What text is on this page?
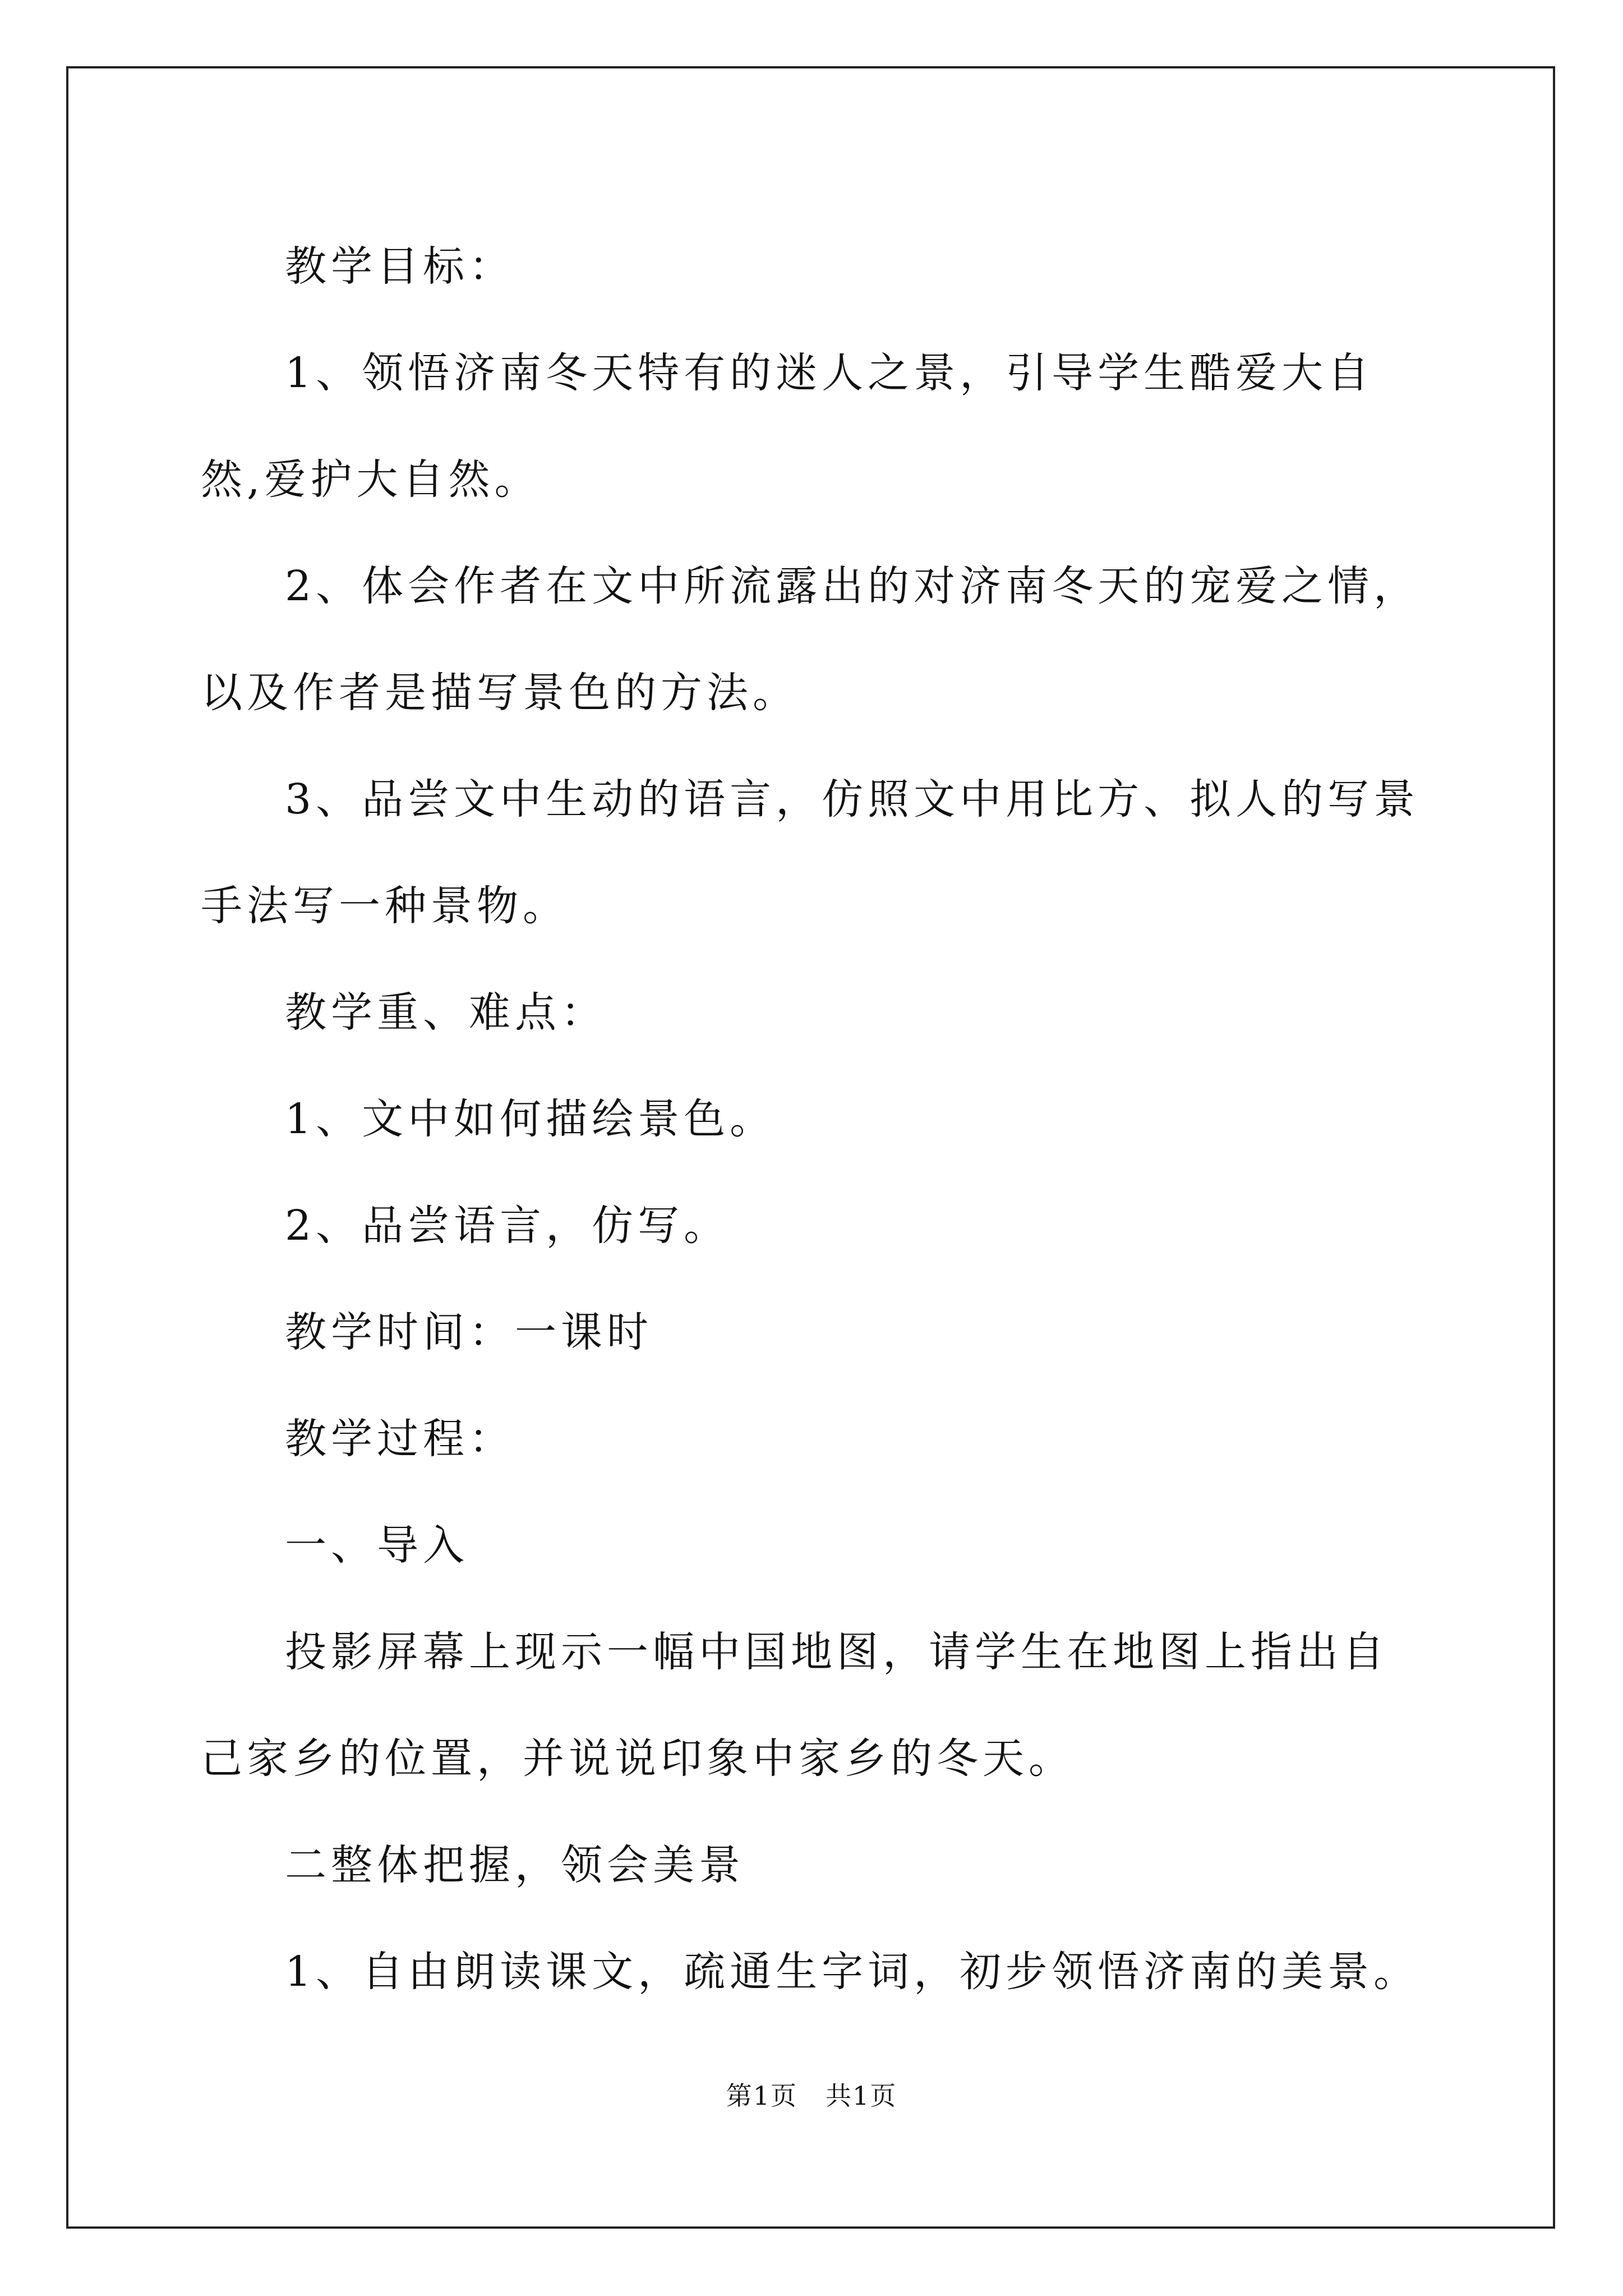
教学目标：

1、领悟济南冬天特有的迷人之景，引导学生酷爱大自然,爱护大自然。

2、体会作者在文中所流露出的对济南冬天的宠爱之情，以及作者是描写景色的方法。

3、品尝文中生动的语言，仿照文中用比方、拟人的写景手法写一种景物。

教学重、难点：

1、文中如何描绘景色。

2、品尝语言，仿写。

教学时间：一课时

教学过程：

一、导入

投影屏幕上现示一幅中国地图，请学生在地图上指出自己家乡的位置，并说说印象中家乡的冬天。

二整体把握，领会美景

1、自由朗读课文，疏通生字词，初步领悟济南的美景。

第1页 共1页
